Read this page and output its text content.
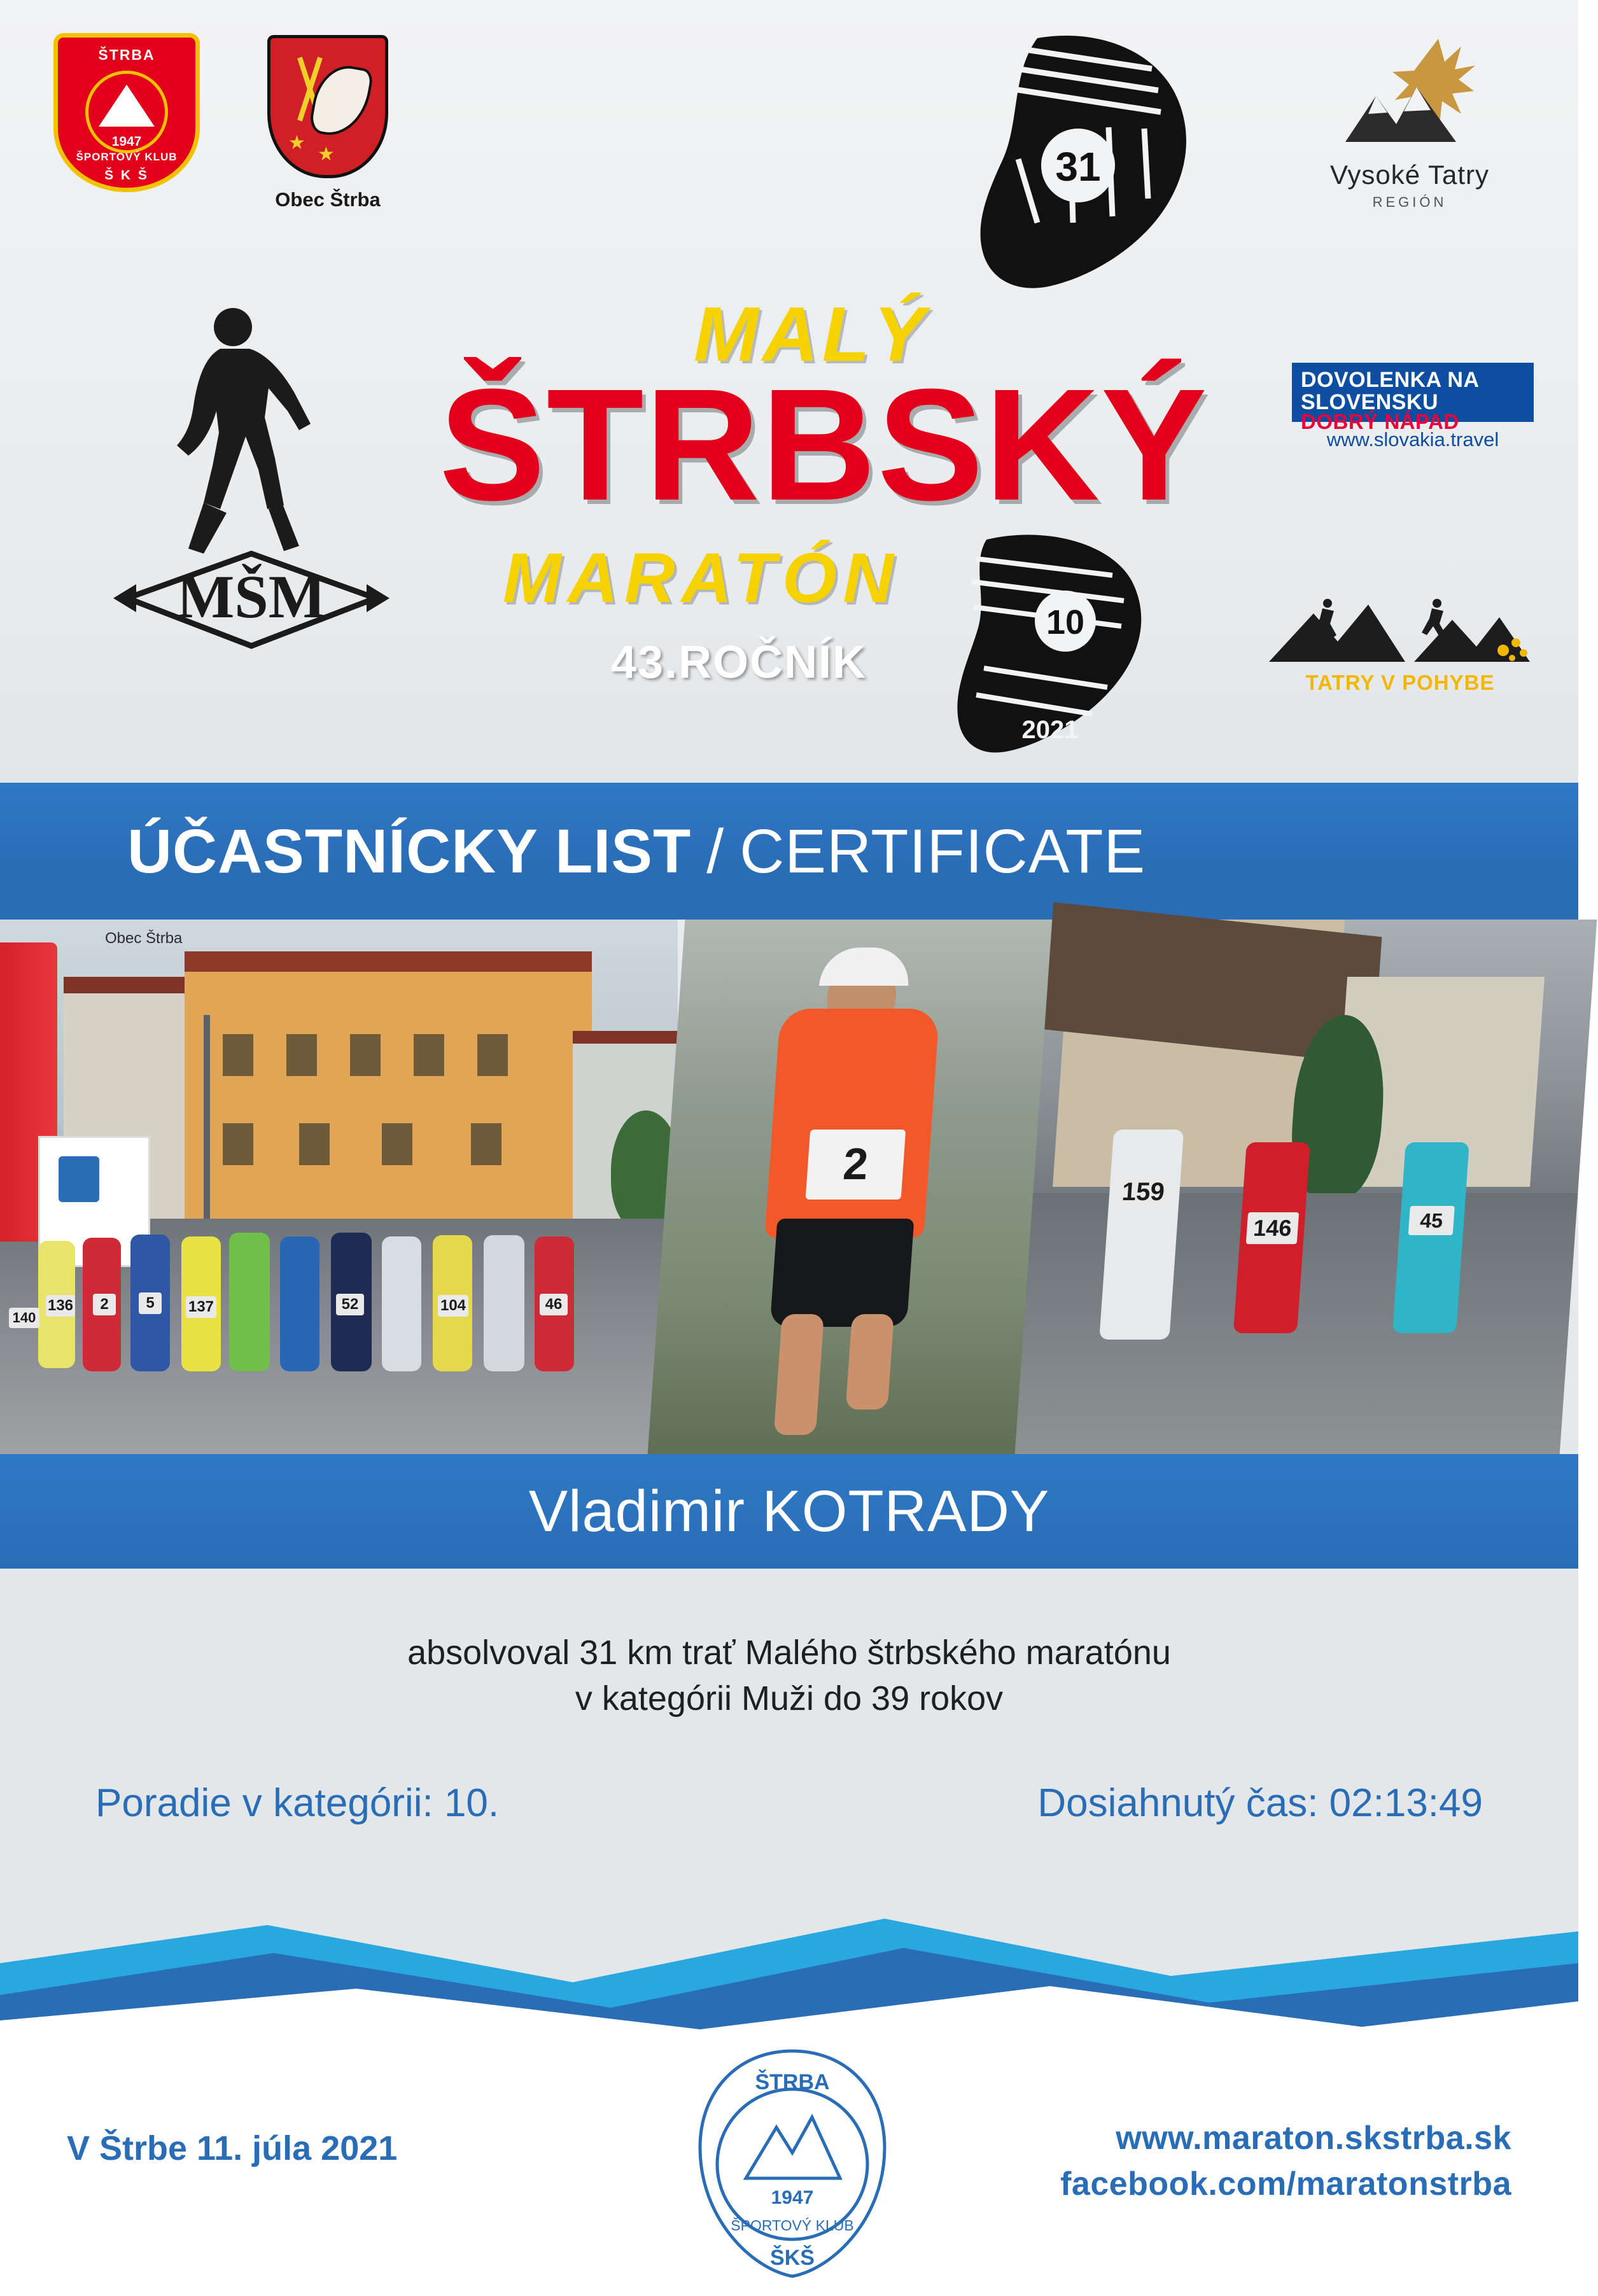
ŠTRBA
1947
ŠPORTOVÝ KLUB
Š K Š
★
★
Obec Štrba
MŠM
31
10
2021
MALÝ
ŠTRBSKÝ
MARATÓN
43.ROČNÍK
Vysoké Tatry
REGIÓN
DOVOLENKA NA
SLOVENSKU
DOBRÝ NÁPAD
www.slovakia.travel
TATRY V POHYBE
ÚČASTNÍCKY LIST / CERTIFICATE
136	2	5	137	52	104	46
140
Obec Štrba
2
159
146	45
Vladimir KOTRADY
absolvoval 31 km trať Malého štrbského maratónu
v kategórii Muži do 39 rokov
Poradie v kategórii: 10.	Dosiahnutý čas: 02:13:49
V Štrbe 11. júla 2021
ŠTRBA
1947
ŠPORTOVÝ KLUB
ŠKŠ
www.maraton.skstrba.sk
facebook.com/maratonstrba
